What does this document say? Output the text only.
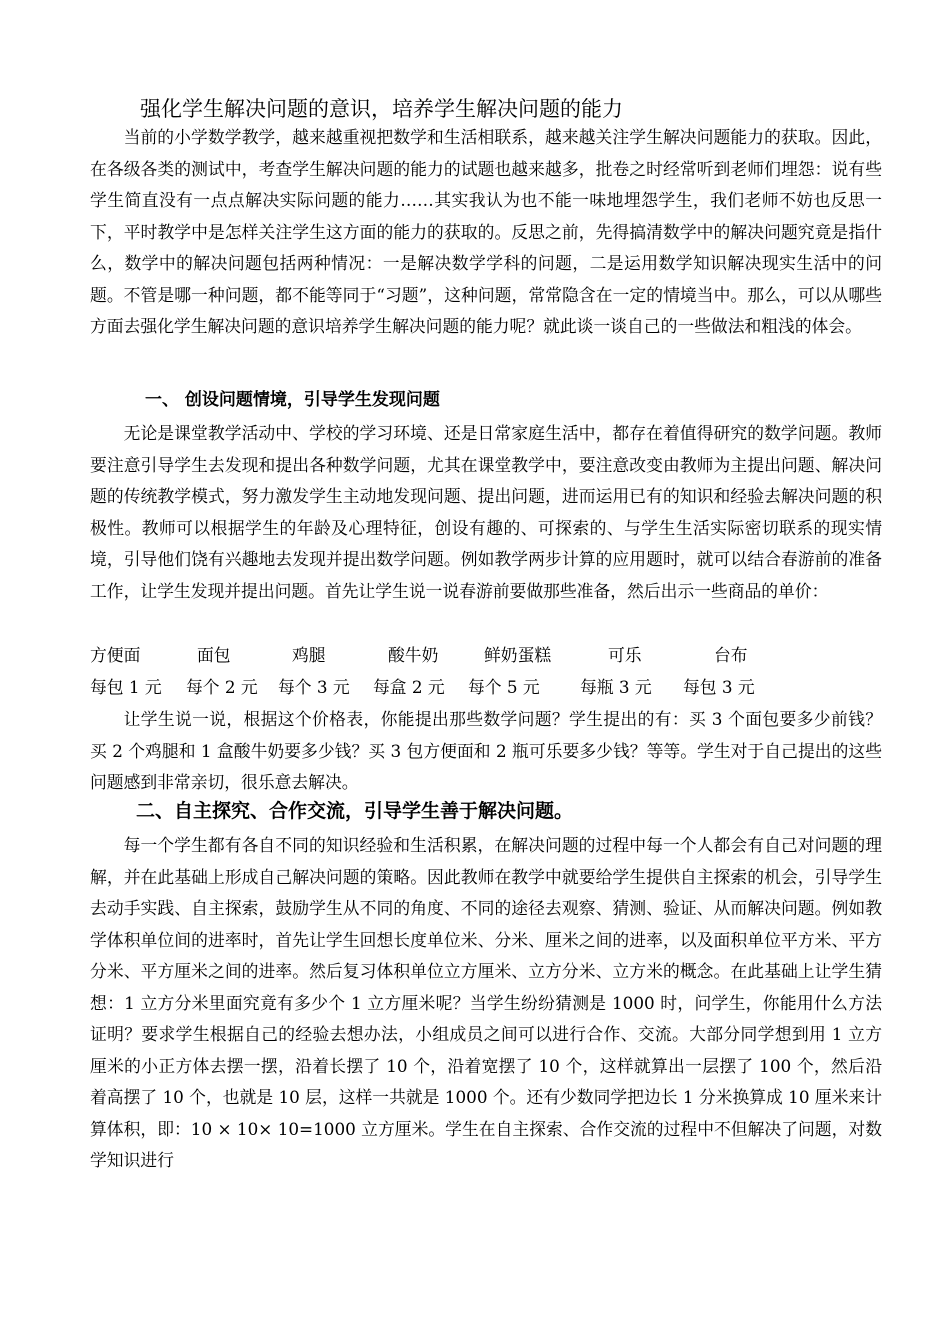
强化学生解决问题的意识，培养学生解决问题的能力

当前的小学数学教学，越来越重视把数学和生活相联系，越来越关注学生解决问题能力的获取。因此，在各级各类的测试中，考查学生解决问题的能力的试题也越来越多，批卷之时经常听到老师们埋怨：说有些学生简直没有一点点解决实际问题的能力……其实我认为也不能一味地埋怨学生，我们老师不妨也反思一下，平时教学中是怎样关注学生这方面的能力的获取的。反思之前，先得搞清数学中的解决问题究竟是指什么，数学中的解决问题包括两种情况：一是解决数学学科的问题，二是运用数学知识解决现实生活中的问题。不管是哪一种问题，都不能等同于“习题”，这种问题，常常隐含在一定的情境当中。那么，可以从哪些方面去强化学生解决问题的意识培养学生解决问题的能力呢？就此谈一谈自己的一些做法和粗浅的体会。

一、 创设问题情境，引导学生发现问题

无论是课堂教学活动中、学校的学习环境、还是日常家庭生活中，都存在着值得研究的数学问题。教师要注意引导学生去发现和提出各种数学问题，尤其在课堂教学中，要注意改变由教师为主提出问题、解决问题的传统教学模式，努力激发学生主动地发现问题、提出问题，进而运用已有的知识和经验去解决问题的积极性。教师可以根据学生的年龄及心理特征，创设有趣的、可探索的、与学生生活实际密切联系的现实情境，引导他们饶有兴趣地去发现并提出数学问题。例如教学两步计算的应用题时，就可以结合春游前的准备工作，让学生发现并提出问题。首先让学生说一说春游前要做那些准备，然后出示一些商品的单价：

方便面	面包	鸡腿	酸牛奶	鲜奶蛋糕	可乐	台布
每包 1 元 每个 2 元 每个 3 元 每盒 2 元 每个 5 元 每瓶 3 元 每包 3 元

让学生说一说，根据这个价格表，你能提出那些数学问题？学生提出的有：买 3 个面包要多少前钱？买 2 个鸡腿和 1 盒酸牛奶要多少钱？买 3 包方便面和 2 瓶可乐要多少钱？等等。学生对于自己提出的这些问题感到非常亲切，很乐意去解决。

二、自主探究、合作交流，引导学生善于解决问题。

每一个学生都有各自不同的知识经验和生活积累，在解决问题的过程中每一个人都会有自己对问题的理解，并在此基础上形成自己解决问题的策略。因此教师在教学中就要给学生提供自主探索的机会，引导学生去动手实践、自主探索，鼓励学生从不同的角度、不同的途径去观察、猜测、验证、从而解决问题。例如教学体积单位间的进率时，首先让学生回想长度单位米、分米、厘米之间的进率，以及面积单位平方米、平方分米、平方厘米之间的进率。然后复习体积单位立方厘米、立方分米、立方米的概念。在此基础上让学生猜想：1 立方分米里面究竟有多少个 1 立方厘米呢？当学生纷纷猜测是 1000 时，问学生，你能用什么方法证明？要求学生根据自己的经验去想办法，小组成员之间可以进行合作、交流。大部分同学想到用 1 立方厘米的小正方体去摆一摆，沿着长摆了 10 个，沿着宽摆了 10 个，这样就算出一层摆了 100 个，然后沿着高摆了 10 个，也就是 10 层，这样一共就是 1000 个。还有少数同学把边长 1 分米换算成 10 厘米来计算体积，即：10 × 10× 10=1000 立方厘米。学生在自主探索、合作交流的过程中不但解决了问题，对数学知识进行
